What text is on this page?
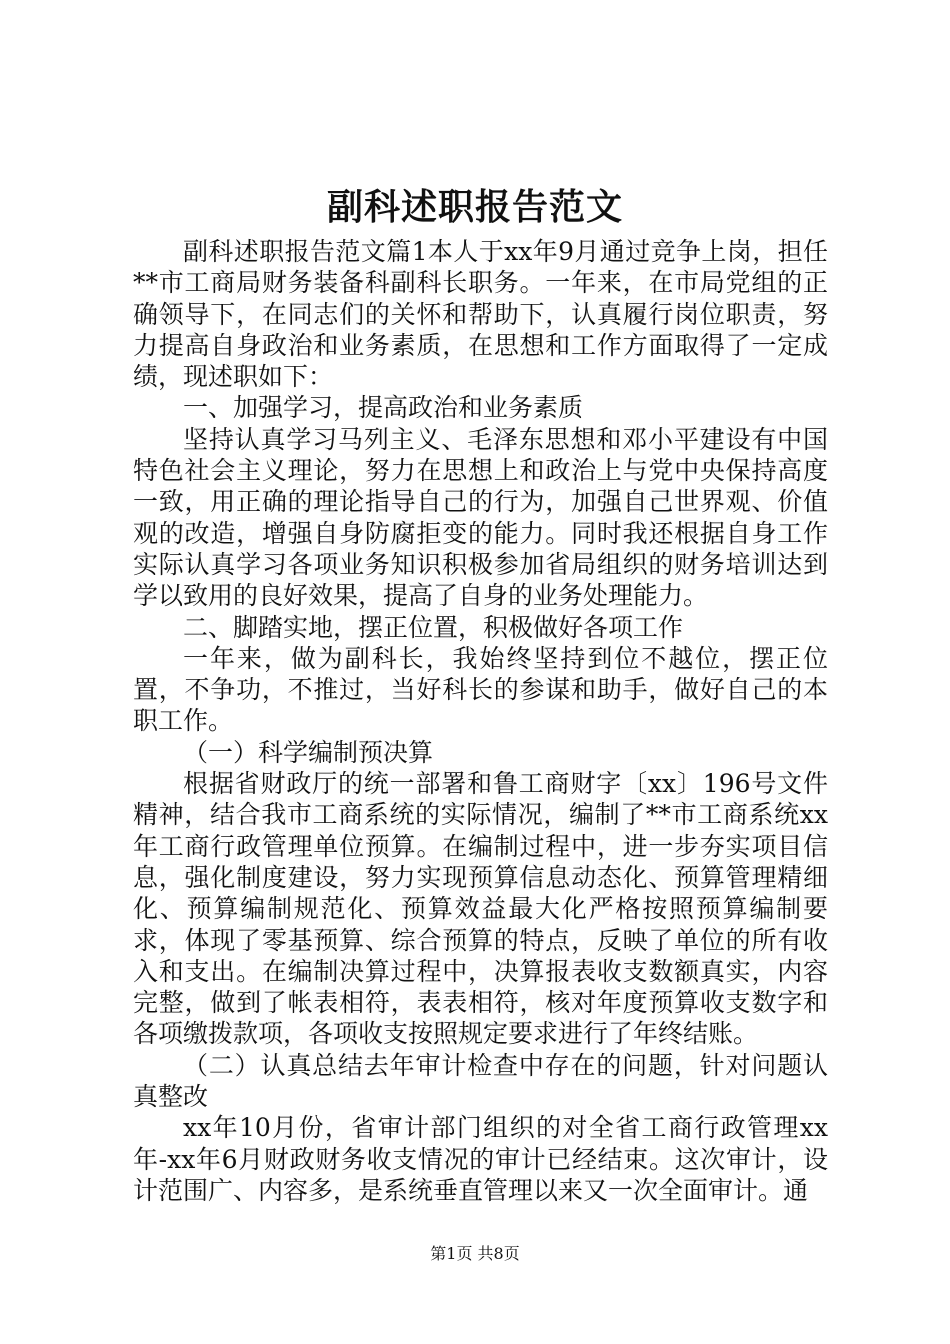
副科述职报告范文

副科述职报告范文篇1本人于xx年9月通过竞争上岗，担任**市工商局财务装备科副科长职务。一年来，在市局党组的正确领导下，在同志们的关怀和帮助下，认真履行岗位职责，努力提高自身政治和业务素质，在思想和工作方面取得了一定成绩，现述职如下：

一、加强学习，提高政治和业务素质

坚持认真学习马列主义、毛泽东思想和邓小平建设有中国特色社会主义理论，努力在思想上和政治上与党中央保持高度一致，用正确的理论指导自己的行为，加强自己世界观、价值观的改造，增强自身防腐拒变的能力。同时我还根据自身工作实际认真学习各项业务知识积极参加省局组织的财务培训达到学以致用的良好效果，提高了自身的业务处理能力。

二、脚踏实地，摆正位置，积极做好各项工作

一年来，做为副科长，我始终坚持到位不越位，摆正位置，不争功，不推过，当好科长的参谋和助手，做好自己的本职工作。

（一）科学编制预决算

根据省财政厅的统一部署和鲁工商财字〔xx〕196号文件精神，结合我市工商系统的实际情况，编制了**市工商系统xx年工商行政管理单位预算。在编制过程中，进一步夯实项目信息，强化制度建设，努力实现预算信息动态化、预算管理精细化、预算编制规范化、预算效益最大化严格按照预算编制要求，体现了零基预算、综合预算的特点，反映了单位的所有收入和支出。在编制决算过程中，决算报表收支数额真实，内容完整，做到了帐表相符，表表相符，核对年度预算收支数字和各项缴拨款项，各项收支按照规定要求进行了年终结账。

（二）认真总结去年审计检查中存在的问题，针对问题认真整改

xx年10月份，省审计部门组织的对全省工商行政管理xx年-xx年6月财政财务收支情况的审计已经结束。这次审计，设计范围广、内容多，是系统垂直管理以来又一次全面审计。通

第1页 共8页
